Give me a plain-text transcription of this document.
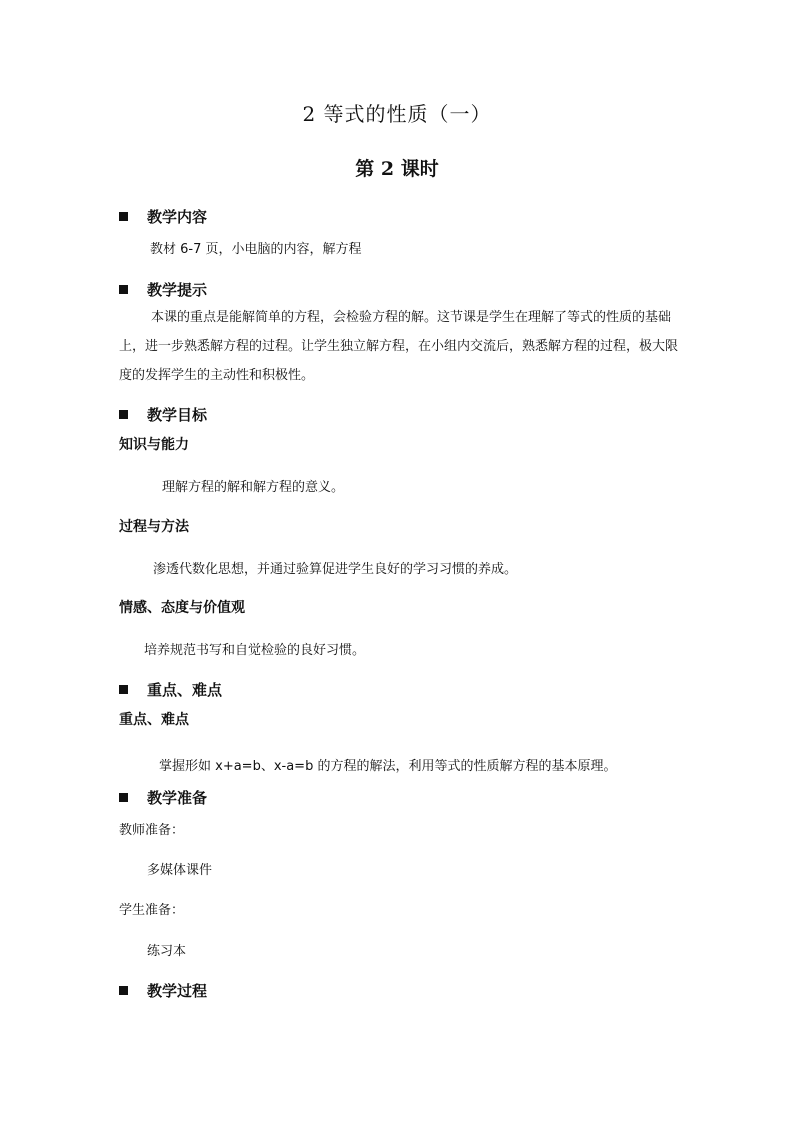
2 等式的性质（一）
第 2 课时
教学内容
教材 6-7 页，小电脑的内容，解方程
教学提示
本课的重点是能解简单的方程，会检验方程的解。这节课是学生在理解了等式的性质的基础上，进一步熟悉解方程的过程。让学生独立解方程，在小组内交流后，熟悉解方程的过程，极大限度的发挥学生的主动性和积极性。
教学目标
知识与能力
理解方程的解和解方程的意义。
过程与方法
渗透代数化思想，并通过验算促进学生良好的学习习惯的养成。
情感、态度与价值观
培养规范书写和自觉检验的良好习惯。
重点、难点
重点、难点
掌握形如 x+a=b、x-a=b 的方程的解法，利用等式的性质解方程的基本原理。
教学准备
教师准备：
多媒体课件
学生准备：
练习本
教学过程
